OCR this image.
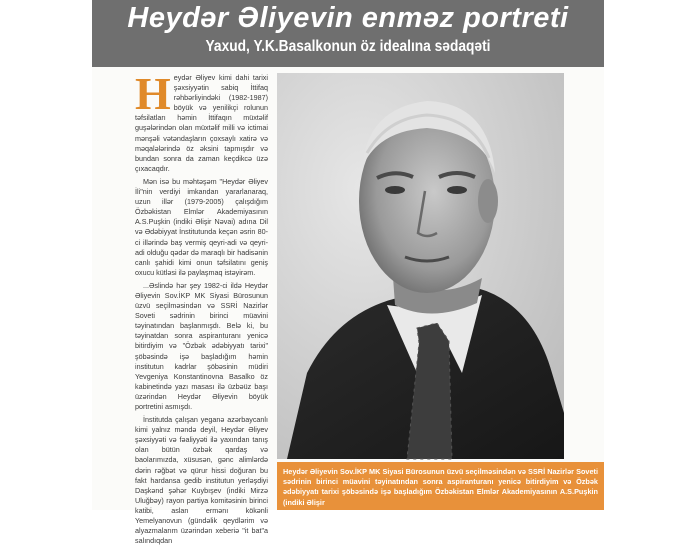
Heydər Əliyevin enməz portreti
Yaxud, Y.K.Basalkonun öz idealına sədaqəti

Heydər Əliyev kimi dahi tarixi şəxsiyyətin sabiq İttifaq rəhbərliyindəki (1982-1987) böyük və yenilikçi rolunun təfsilatları həmin İttifaqın müxtəlif guşələrindən olan müxtəlif milli və ictimai mənşəli vətəndaşların çoxsaylı xatirə və məqalələrində öz əksini tapmışdır və bundan sonra da zaman keçdikcə üzə çıxacaqdır.

Mən isə bu məhtəşəm "Heydər Əliyev İli"nin verdiyi imkandan yararlanaraq, uzun illər (1979-2005) çalışdığım Özbəkistan Elmlər Akademiyasının A.S.Puşkin (indiki Əlişir Nəvai) adına Dil və Ədəbiyyat İnstitutunda keçən əsrin 80-ci illərində baş vermiş qeyri-adi və qeyri-adi olduğu qədər də maraqlı bir hadisənin canlı şahidi kimi onun təfsilatını geniş oxucu kütləsi ilə paylaşmaq istəyirəm.

...Əslində hər şey 1982-ci ildə Heydər Əliyevin Sov.İKP MK Siyasi Bürosunun üzvü seçilməsindən və SSRİ Nazirlər Soveti sədrinin birinci müavini təyinatından başlanmışdı. Belə ki, bu təyinatdan sonra aspiranturanı yenicə bitirdiyim və "Özbək ədəbiyyatı tarixi" şöbəsində işə başladığım həmin institutun kadrlar şöbəsinin müdiri Yevgeniya Konstantinovna Basalko öz kabinetində yazı masası ilə üzbəüz başı üzərindən Heydər Əliyevin böyük portretini asmışdı.

İnstitutda çalışan yeganə azərbaycanlı kimi yalnız məndə deyil, Heydər Əliyev şəxsiyyəti və fəaliyyəti ilə yaxından tanış olan bütün özbək qardaş və baolarımızda, xüsusən, gənc alimlərdə dərin rəğbət və qürur hissi doğuran bu fakt hardansa gedib institutun yerləşdiyi Daşkənd şəhər Kuybışev (indiki Mirzə Uluğbəy) rayon partiya komitəsinin birinci katibi, aslan ermənı kökənli Yemelyanovun (gündəlik qeydlərim və alyazmalarım üzərindən xeberiə "it bat"a salındıqdan

Heydər Əliyevin Sov.İKP MK Siyasi Bürosunun üzvü seçilməsindən və SSRİ Nazirlər Soveti sədrinin birinci müavini təyinatından sonra aspiranturanı yenicə bitirdiyim və Özbək ədəbiyyatı tarixi şöbəsində işə başladığım Özbəkistan Elmlər Akademiyasının A.S.Puşkin (indiki Əlişir
